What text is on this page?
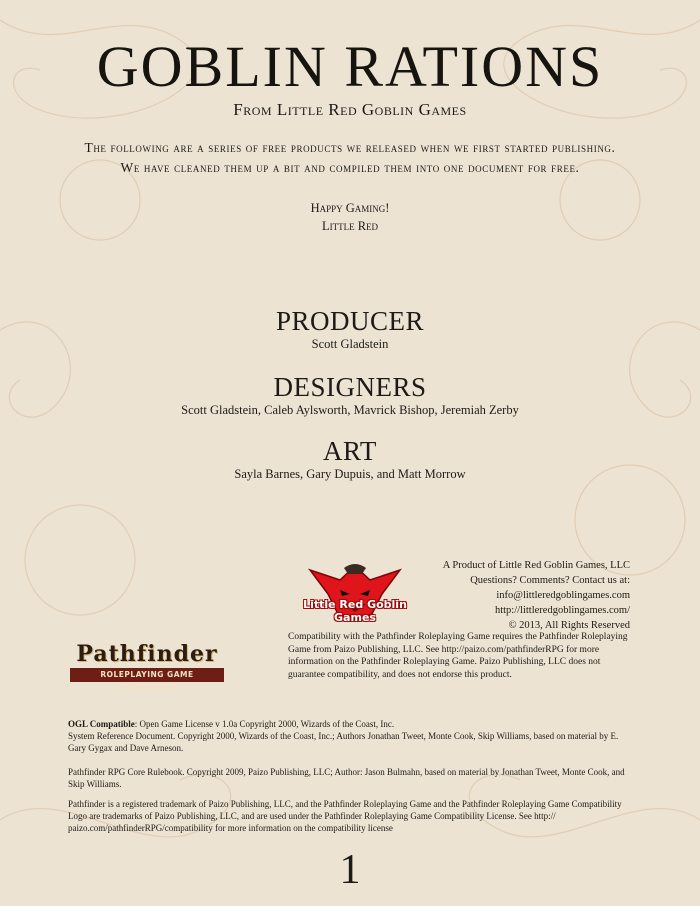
GOBLIN RATIONS
From Little Red Goblin Games
The following are a series of free products we released when we first started publishing.
We have cleaned them up a bit and compiled them into one document for free.
Happy Gaming!
Little Red
PRODUCER
Scott Gladstein
DESIGNERS
Scott Gladstein, Caleb Aylsworth, Mavrick Bishop, Jeremiah Zerby
ART
Sayla Barnes, Gary Dupuis, and Matt Morrow
Little Red Goblin Games
A Product of Little Red Goblin Games, LLC
Questions? Comments? Contact us at:
info@littleredgoblingames.com
http://littleredgoblingames.com/
© 2013, All Rights Reserved
Pathfinder
ROLEPLAYING GAME COMPATIBLE
Compatibility with the Pathfinder Roleplaying Game requires the Pathfinder Roleplaying Game from Paizo Publishing, LLC. See http://paizo.com/pathfinderRPG for more information on the Pathfinder Roleplaying Game. Paizo Publishing, LLC does not guarantee compatibility, and does not endorse this product.

OGL Compatible: Open Game License v 1.0a Copyright 2000, Wizards of the Coast, Inc.

System Reference Document. Copyright 2000, Wizards of the Coast, Inc.; Authors Jonathan Tweet, Monte Cook, Skip Williams, based on material by E. Gary Gygax and Dave Arneson.

Pathfinder RPG Core Rulebook. Copyright 2009, Paizo Publishing, LLC; Author: Jason Bulmahn, based on material by Jonathan Tweet, Monte Cook, and Skip Williams.
Pathfinder is a registered trademark of Paizo Publishing, LLC, and the Pathfinder Roleplaying Game and the Pathfinder Roleplaying Game Compatibility Logo are trademarks of Paizo Publishing, LLC, and are used under the Pathfinder Roleplaying Game Compatibility License. See http:// paizo.com/pathfinderRPG/compatibility for more information on the compatibility license
1
